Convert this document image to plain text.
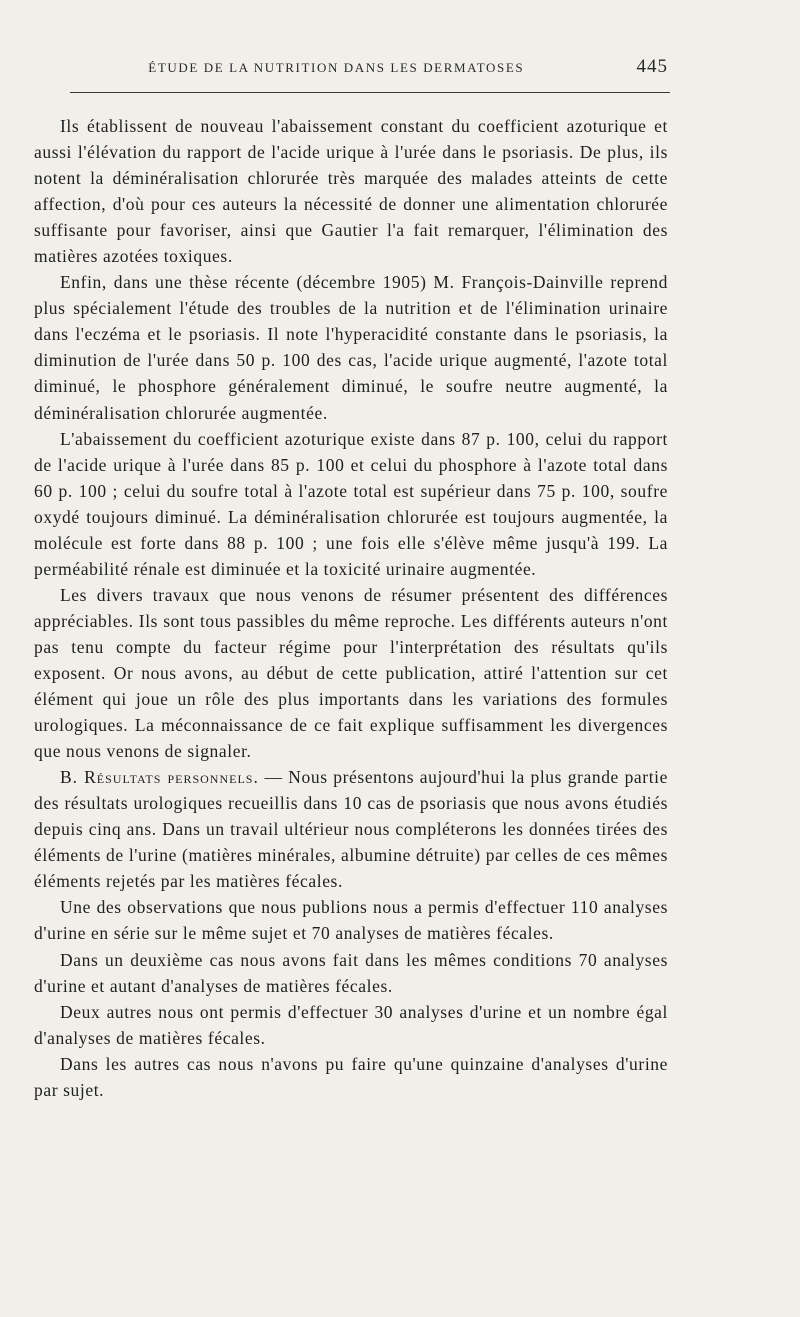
ÉTUDE DE LA NUTRITION DANS LES DERMATOSES	445

Ils établissent de nouveau l'abaissement constant du coefficient azoturique et aussi l'élévation du rapport de l'acide urique à l'urée dans le psoriasis. De plus, ils notent la déminéralisation chlorurée très marquée des malades atteints de cette affection, d'où pour ces auteurs la nécessité de donner une alimentation chlorurée suffisante pour favoriser, ainsi que Gautier l'a fait remarquer, l'élimination des matières azotées toxiques.

Enfin, dans une thèse récente (décembre 1905) M. François-Dainville reprend plus spécialement l'étude des troubles de la nutrition et de l'élimination urinaire dans l'eczéma et le psoriasis. Il note l'hyperacidité constante dans le psoriasis, la diminution de l'urée dans 50 p. 100 des cas, l'acide urique augmenté, l'azote total diminué, le phosphore généralement diminué, le soufre neutre augmenté, la déminéralisation chlorurée augmentée.

L'abaissement du coefficient azoturique existe dans 87 p. 100, celui du rapport de l'acide urique à l'urée dans 85 p. 100 et celui du phosphore à l'azote total dans 60 p. 100 ; celui du soufre total à l'azote total est supérieur dans 75 p. 100, soufre oxydé toujours diminué. La déminéralisation chlorurée est toujours augmentée, la molécule est forte dans 88 p. 100 ; une fois elle s'élève même jusqu'à 199. La perméabilité rénale est diminuée et la toxicité urinaire augmentée.

Les divers travaux que nous venons de résumer présentent des différences appréciables. Ils sont tous passibles du même reproche. Les différents auteurs n'ont pas tenu compte du facteur régime pour l'interprétation des résultats qu'ils exposent. Or nous avons, au début de cette publication, attiré l'attention sur cet élément qui joue un rôle des plus importants dans les variations des formules urologiques. La méconnaissance de ce fait explique suffisamment les divergences que nous venons de signaler.

B. Résultats personnels. — Nous présentons aujourd'hui la plus grande partie des résultats urologiques recueillis dans 10 cas de psoriasis que nous avons étudiés depuis cinq ans. Dans un travail ultérieur nous compléterons les données tirées des éléments de l'urine (matières minérales, albumine détruite) par celles de ces mêmes éléments rejetés par les matières fécales.

Une des observations que nous publions nous a permis d'effectuer 110 analyses d'urine en série sur le même sujet et 70 analyses de matières fécales.

Dans un deuxième cas nous avons fait dans les mêmes conditions 70 analyses d'urine et autant d'analyses de matières fécales.

Deux autres nous ont permis d'effectuer 30 analyses d'urine et un nombre égal d'analyses de matières fécales.

Dans les autres cas nous n'avons pu faire qu'une quinzaine d'analyses d'urine par sujet.
